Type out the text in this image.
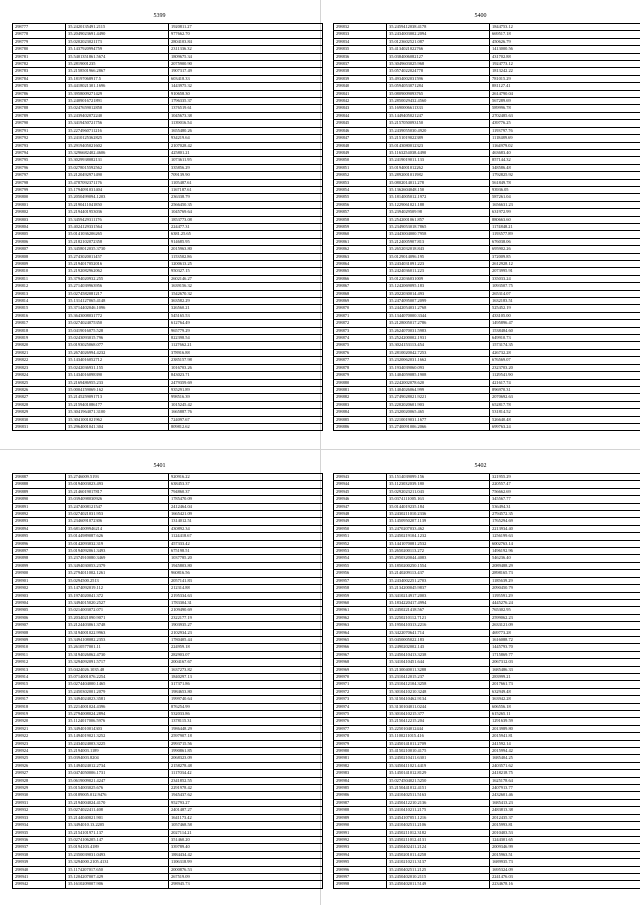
5399
298777	35.2420135491.2115	1920811.27
298778	35.2049023691.4490	977662.70
298779	35.0202023021173	2804103.84
298780	35.1437920994759	2311336.32
298781	35.5401351861.5674	1809675.34
298782	35.2819001235	2075900.90
298783	35.2158501966.2867	1907317.49
298784	35.18197068917.5	603418.33
298785	35.4418021301.1696	1443975.32
298786	35.3958009271429	910658.30
298787	35.2409016721891	1796335.37
298788	35.0247659012858	1376519.61
298789	35.2439402072240	1045673.38
298790	35.3419450721756	1139016.54
298791	35.2274960711216	1655480.26
298792	35.2410125362825	934219.64
298793	35.2919405021602	2107028.42
298794	35.3296682402.4606	425801.21
298795	35.3029938082131	1073611.95
298796	35.0278015592562	335856.29
298797	35.2120492971490	709139.90
298798	35.4787092371176	1105487.61
298799	35.1794091031404	1167187.61
298800	35.2050499094.1203	236338.79
298801	35.2190411041850	2566450.35
298802	35.2194401953036	1045769.64
298803	35.3459429311176	1853773.08
298804	35.4024129331564	224477.31
298805	35.0141036206265	6381.25.65
298806	35.2182102072358	914685.95
298807	35.3458012035.3730	2015963.80
298808	35.2743020011457	1153502.86
298809	35.2194017052016	1200613.25
298810	35.2192082962062	950327.15
298811	35.3794020932.255	2602146.27
298812	35.2714039963956	1639156.32
298813	35.0274582081217	1542670.32
298814	35.1314127065.4148	363582.29
298815	35.3714402046.1096	326560.21
298816	35.3643008031772	545165.53
298817	35.0274024075350	612764.49
298818	35.0419016075.528	965779.29
298819	35.0243093015.796	822398.54
298820	35.0193025068.077	1127662.21
298821	35.2674026994.4232	378916.88
298822	35.1434016052712	2385157.98
298823	35.0242036931.155	1016703.26
298824	35.1434016098390	843023.71
298825	35.2169486955.233	2479359.69
298826	35.0004159069.162	935291.89
298827	35.2145259091713	998516.39
298828	35.2159401086177	1015245.42
298829	35.3041964071.3100	1665887.76
298830	35.3041001021962	724097.67
298831	35.2964001041.304	809812.62
5400
298832	35.2459412038.4178	1844753.12
298833	35.2434003002.2094	669517.18
298834	35.0123602521.087	450626.79
298835	35.4134021022766	1413000.56
298836	35.0384006082127	431702.88
298837	35.3049603025.968	1924773.12
298838	35.0574022024778	1813242.22
298839	35.4934002031596	781015.29
298840	35.0594053071284	881127.41
298841	35.0809009093765	2614790.04
298842	35.2850029432.4560	567289.69
298843	35.1690006611333	589996.78
298844	35.1449405021247	2702485.63
298845	35.2157050093150	439776.25
298846	35.2439055030.4920	1193797.76
298847	35.2151019022389	1118489.69
298848	35.0143080012323	1164979.02
298849	35.1163254038.4490	463683.40
298850	35.2419019011.133	857144.32
298851	35.0194001012262	348586.48
298852	35.2892001011982	1792825.92
298853	35.0802014011.278	561849.78
298854	35.1362604048.150	93936.05
298855	35.1814005012.1972	587261.04
298856	35.1229061021.188	1656631.23
298857	35.2394029509.98	631972.99
298858	35.2542001061.857	880663.60
298859	35.2349053018.7865	1174848.21
298860	35.2443004000.7958	1193577.89
298861	35.2124005907.813	676038.06
298862	35.2652032018.843	695902.26
298863	35.0129014096.195	372009.85
298864	35.2434031091.223	2612928.12
298865	35.2424036011.223	2073995.91
298866	35.0122036031009	335033.24
298867	35.1242069095.183	1093507.75
298868	35.2022030014.493	265314.07
298869	35.2474095007.2099	1632183.51
298870	35.2442054031.2768	525452.19
298871	35.1344070000.3344	433105.00
298872	35.2128005017.2786	1495896.47
298873	35.2624070031.5983	1538484.60
298874	35.2524200002.1931	649910.73
298875	35.3024153113.454	1573174.35
298876	35.2810020042.7253	426732.28
298877	35.2320062031.1662	676569.07
298878	35.1934039060.093	2323703.20
298879	35.1404059085.1908	1129541.90
298880	35.2242002078.620	421617.74
298881	35.1404026064.999	896970.31
298882	35.2749028021.9221	2070692.63
298883	35.2202020601.903	652817.78
298884	35.2320020065.465	531814.52
298885	35.2210019031.1677	526640.48
298886	35.2740091006.2066	699763.24
5401
298887	35.2746009.5193	920916.22
298888	35.0194003023.493	638453.37
298889	35.2146019017817	794860.37
298890	35.0394098030926	1785470.09
298891	35.2474008121547	2412464.04
298892	35.0274021031.953	1665421.09
298893	35.2346091072306	1314012.51
298894	35.6814009946214	430892.34
298895	35.0144989087.626	1124418.67
298896	35.0142093032.319	457333.42
298897	35.0194092061.3493	675198.51
298898	35.2374910080.3469	1037785.20
298899	35.3494030053.2379	1945803.80
298900	35.2794011002.1261	960816.56
298901	35.0294500.2513	2057141.83
298902	35.1474092019.112	212314.88
298903	35.1974020041.372	2195334.63
298904	35.3494015020.2527	1783304.31
298905	35.0214003072.071	2109490.69
298906	35.2034021090.9071	2322177.19
298907	35.2124403061.3748	1903935.27
298908	35.3194001022.9963	2102934.23
298909	35.3494108082.2353	1780405.44
298910	35.2610577001.11	224959.18
298911	35.3194026062.4730	282903.07
298912	35.3294092091.5717	2004167.67
298913	35.0424026.1035.48	1637273.82
298914	35.0714001076.2254	1840297.13
298915	35.0274404000.1465	317371.86
298916	35.2450302001.2079	1984653.80
298917	35.3494024023.3581	1999740.64
298918	35.2214001024.4396	876254.99
298919	35.2794008024.2894	532033.86
298920	35.1124017006.5976	1378115.31
298921	35.3494010014303	1986448.29
298922	35.1494019021.3252	2597907.18
298923	35.2434024003.3225	2993715.56
298924	35.2194003.1189	1990861.85
298925	35.0394003.8204	2068323.09
298926	35.1494024012.2734	2158278.48
298927	35.0474050006.1731	1117034.42
298928	35.0619009021.4247	2341852.55
298929	35.0154003025.676	2291978.42
298930	35.0189005.012.9476	1945437.62
298931	35.2194004024.4170	952793.27
298932	35.0274022411.408	2401487.27
298933	35.2144040021.901	1641173.42
298934	35.3494010.13.2205	1057468.58
298935	35.2154101971.137	2027114.21
298936	35.0274106205.147	351460.20
298937	35.0194103.4189	339789.40
298938	35.2350039031.0493	1884434.42
298939	35.3294000.2105.4131	1106318.99
298940	35.1174207017.650	2000876.53
298941	35.1204207007.429	267519.09
298942	35.1610209007.906	298945.73
5402
298943	35.1514039099.156	321955.29
298944	35.1123032039.180	220557.47
298945	35.0292023211.043	756662.69
298946	35.0374111005.163	345567.77
298947	35.0144019235.184	536494.31
298948	35.2430211010.2336	2794572.35
298949	35.1450950207.1139	1765294.69
298950	35.2470207033.462	2213934.40
298951	35.2450219104.1232	1256199.63
298952	35.1441070081.2532	6002763.14
298953	35.2650200113.272	1496192.96
298954	35.2950320044.4083	546236.40
298955	35.1850200250.1554	2089488.29
298956	35.2140209113.437	2898165.73
298957	35.2434002251.2703	1185639.29
298958	35.2134200045.9837	2090450.79
298959	35.3410214917.2003	1195591.29
298960	35.1834220417.4994	4445276.24
298961	35.2450221418.567	765302.95
298962	35.2250210112.7121	2599062.23
298963	35.1950410313.2216	2633121.09
298964	35.3422070641.714	469773.28
298965	35.0450005022.183	1616088.72
298966	35.2490202002.143	1445793.70
298967	35.2450410413.3238	1715869.77
298968	35.3410410451.644	2067312.03
298969	35.2130040011.3288	1685486.33
298970	35.2310412015.237	283999.21
298971	35.2310412104.3258	2017661.73
298972	35.3010410210.3248	632949.48
298973	35.3150410462.9134	363942.28
298974	35.3130104011.0244	606556.18
298975	35.3010410215.377	615265.11
298976	35.2150412215.204	1291639.59
298977	35.2250104012444	2013989.80
298978	35.1100211015.416	2015941.81
298979	35.2450141011.2709	241592.14
298980	35.4150210010.4175	2015994.42
298981	35.2450210411.6301	1685404.25
298982	35.3450411021.4419	2403571.62
298983	35.1450141012.8129	2418218.75
298984	35.0274504021.5250	1625178.64
298985	35.2150441012.4151	2407913.77
298986	35.2410402511.5163	2432601.46
298987	35.2450412210.2136	1685413.23
298988	35.2410410211.2175	2483813.38
298989	35.2454107051.1216	2012435.37
298990	35.2410402511.2106	2015993.81
298991	35.2450211012.3182	2010403.53
298992	35.2450211012.4131	1244301.65
298993	35.2450402411.2124	2009346.99
298994	35.2450201011.4258	2015963.51
298995	35.2410210211.3137	1689935.73
298996	35.2450402511.2125	1695324.09
298997	35.2450402010.2115	2241476.03
298998	35.2450402011.5149	2234678.16
